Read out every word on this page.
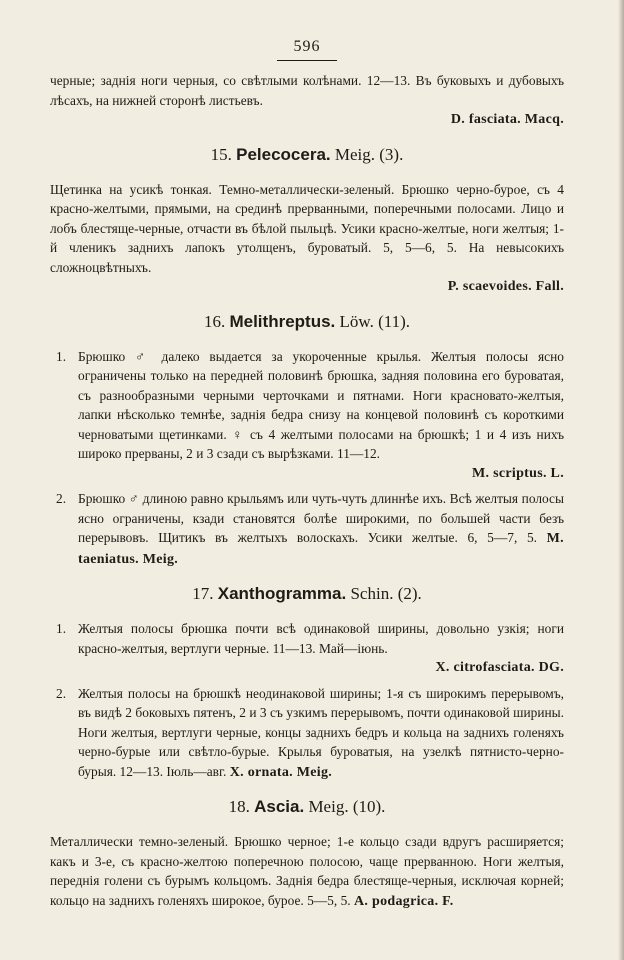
596

черные; заднія ноги черныя, со свѣтлыми колѣнами. 12—13. Въ буковыхъ и дубовыхъ лѣсахъ, на нижней сторонѣ листьевъ.
D. fasciata. Macq.

15. Pelecocera. Meig. (3).

Щетинка на усикѣ тонкая. Темно-металлически-зеленый. Брюшко черно-бурое, съ 4 красно-желтыми, прямыми, на срединѣ прерванными, поперечными полосами. Лицо и лобъ блестяще-черные, отчасти въ бѣлой пыльцѣ. Усики красно-желтые, ноги желтыя; 1-й членикъ заднихъ лапокъ утолщенъ, буроватый. 5, 5—6, 5. На невысокихъ сложноцвѣтныхъ.
P. scaevoides. Fall.

16. Melithreptus. Löw. (11).
1. Брюшко ♂ далеко выдается за укороченные крылья. Желтыя полосы ясно ограничены только на передней половинѣ брюшка, задняя половина его буроватая, съ разнообразными черными черточками и пятнами. Ноги красновато-желтыя, лапки нѣсколько темнѣе, заднія бедра снизу на концевой половинѣ съ короткими черноватыми щетинками. ♀ съ 4 желтыми полосами на брюшкѣ; 1 и 4 изъ нихъ широко прерваны, 2 и 3 сзади съ вырѣзками. 11—12.
M. scriptus. L.

2. Брюшко ♂ длиною равно крыльямъ или чуть-чуть длиннѣе ихъ. Всѣ желтыя полосы ясно ограничены, кзади становятся болѣе широкими, по большей части безъ перерывовъ. Щитикъ въ желтыхъ волоскахъ. Усики желтые. 6, 5—7, 5. M. taeniatus. Meig.

17. Xanthogramma. Schin. (2).
1. Желтыя полосы брюшка почти всѣ одинаковой ширины, довольно узкія; ноги красно-желтыя, вертлуги черные. 11—13. Май—іюнь.
X. citrofasciata. DG.

2. Желтыя полосы на брюшкѣ неодинаковой ширины; 1-я съ широкимъ перерывомъ, въ видѣ 2 боковыхъ пятенъ, 2 и 3 съ узкимъ перерывомъ, почти одинаковой ширины. Ноги желтыя, вертлуги черные, концы заднихъ бедръ и кольца на заднихъ голеняхъ черно-бурые или свѣтло-бурые. Крылья буроватыя, на узелкѣ пятнисто-черно-бурыя. 12—13. Іюль—авг. X. ornata. Meig.

18. Ascia. Meig. (10).

Металлически темно-зеленый. Брюшко черное; 1-е кольцо сзади вдругъ расширяется; какъ и 3-е, съ красно-желтою поперечною полосою, чаще прерванною. Ноги желтыя, переднія голени съ бурымъ кольцомъ. Заднія бедра блестяще-черныя, исключая корней; кольцо на заднихъ голеняхъ широкое, бурое. 5—5, 5. A. podagrica. F.
